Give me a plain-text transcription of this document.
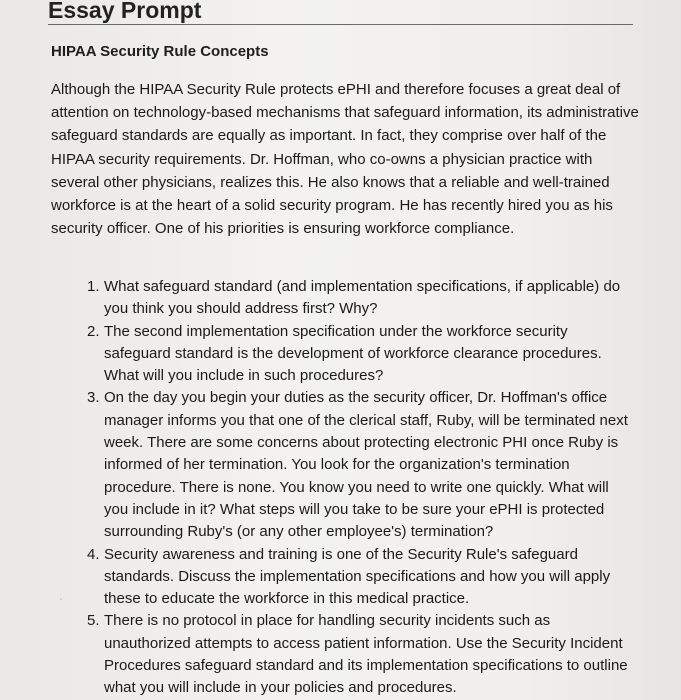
Essay Prompt
HIPAA Security Rule Concepts

Although the HIPAA Security Rule protects ePHI and therefore focuses a great deal of attention on technology-based mechanisms that safeguard information, its administrative safeguard standards are equally as important. In fact, they comprise over half of the HIPAA security requirements. Dr. Hoffman, who co-owns a physician practice with several other physicians, realizes this. He also knows that a reliable and well-trained workforce is at the heart of a solid security program. He has recently hired you as his security officer. One of his priorities is ensuring workforce compliance.

1. What safeguard standard (and implementation specifications, if applicable) do you think you should address first? Why?
2. The second implementation specification under the workforce security safeguard standard is the development of workforce clearance procedures. What will you include in such procedures?
3. On the day you begin your duties as the security officer, Dr. Hoffman's office manager informs you that one of the clerical staff, Ruby, will be terminated next week. There are some concerns about protecting electronic PHI once Ruby is informed of her termination. You look for the organization's termination procedure. There is none. You know you need to write one quickly. What will you include in it? What steps will you take to be sure your ePHI is protected surrounding Ruby's (or any other employee's) termination?
4. Security awareness and training is one of the Security Rule's safeguard standards. Discuss the implementation specifications and how you will apply these to educate the workforce in this medical practice.
5. There is no protocol in place for handling security incidents such as unauthorized attempts to access patient information. Use the Security Incident Procedures safeguard standard and its implementation specifications to outline what you will include in your policies and procedures.
